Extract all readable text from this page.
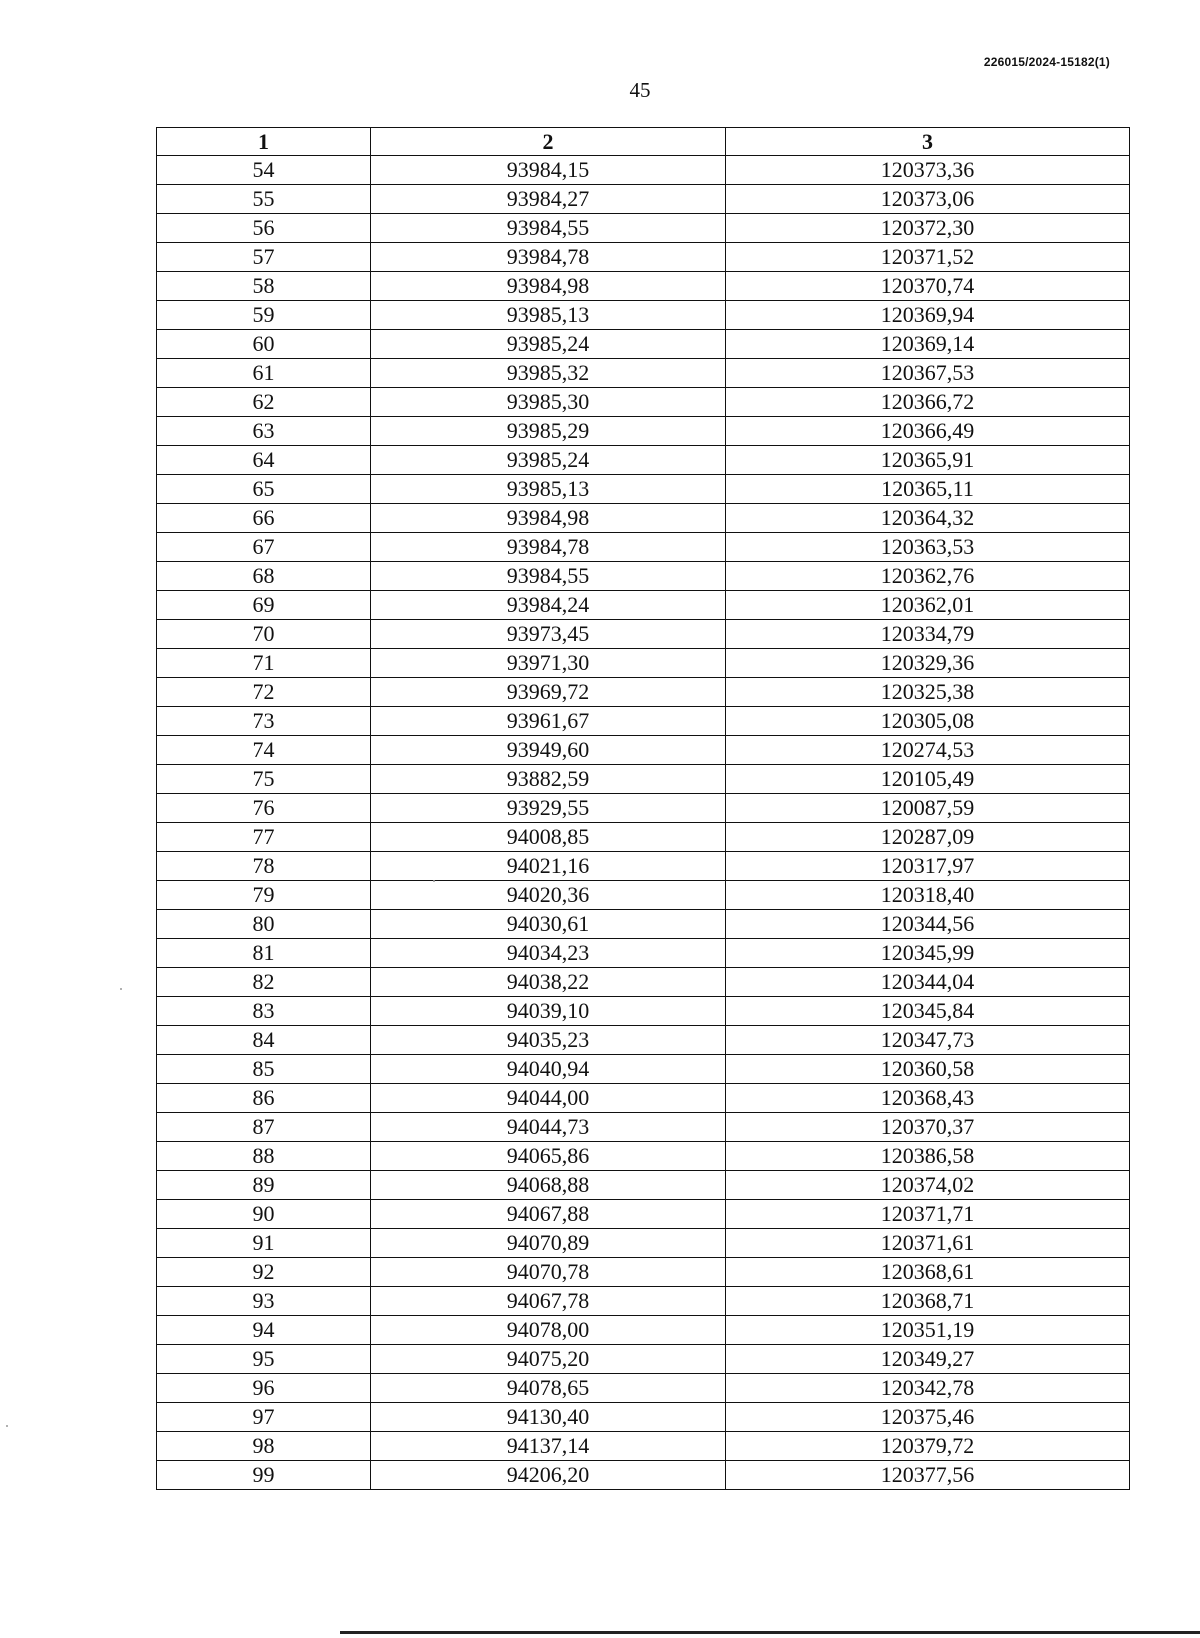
226015/2024-15182(1)
45
1	2	3
54	93984,15	120373,36
55	93984,27	120373,06
56	93984,55	120372,30
57	93984,78	120371,52
58	93984,98	120370,74
59	93985,13	120369,94
60	93985,24	120369,14
61	93985,32	120367,53
62	93985,30	120366,72
63	93985,29	120366,49
64	93985,24	120365,91
65	93985,13	120365,11
66	93984,98	120364,32
67	93984,78	120363,53
68	93984,55	120362,76
69	93984,24	120362,01
70	93973,45	120334,79
71	93971,30	120329,36
72	93969,72	120325,38
73	93961,67	120305,08
74	93949,60	120274,53
75	93882,59	120105,49
76	93929,55	120087,59
77	94008,85	120287,09
78	94021,16	120317,97
79	94020,36	120318,40
80	94030,61	120344,56
81	94034,23	120345,99
82	94038,22	120344,04
83	94039,10	120345,84
84	94035,23	120347,73
85	94040,94	120360,58
86	94044,00	120368,43
87	94044,73	120370,37
88	94065,86	120386,58
89	94068,88	120374,02
90	94067,88	120371,71
91	94070,89	120371,61
92	94070,78	120368,61
93	94067,78	120368,71
94	94078,00	120351,19
95	94075,20	120349,27
96	94078,65	120342,78
97	94130,40	120375,46
98	94137,14	120379,72
99	94206,20	120377,56
